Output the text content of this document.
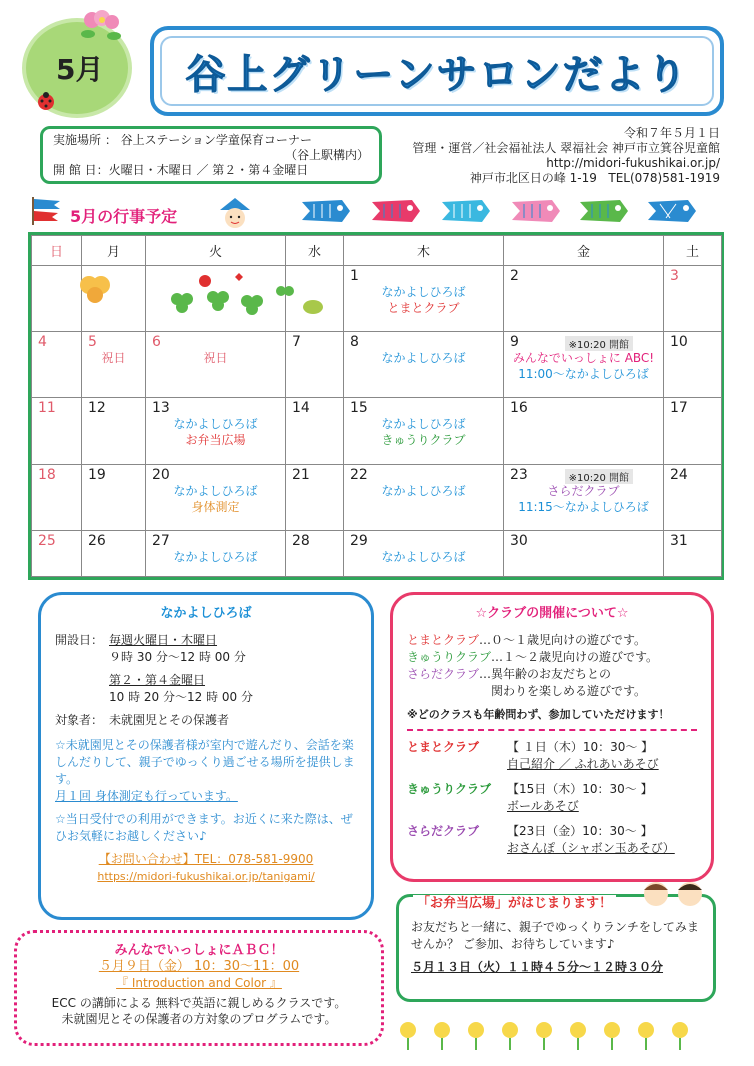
5月 谷上グリーンサロンだより
実施場所 ： 谷上ステーション学童保育コーナー
（谷上駅構内）
開 館 日：火曜日・木曜日 ／ 第２・第４金曜日
令和７年５月１日
管理・運営／社会福祉法人 翠福社会 神戸市立箕谷児童館
http://midori-fukushikai.or.jp/
神戸市北区日の峰 1-19 TEL(078)581-1919
5月の行事予定
日	月	火	水	木	金	土

				1
なかよしひろば
とまとクラブ	2	3

4	5
祝日	6
祝日	7	8
なかよしひろば	9 ※10:20 開館
みんなでいっしょに ABC!
11:00～なかよしひろば	10

11	12	13
なかよしひろば
お弁当広場	14	15
なかよしひろば
きゅうりクラブ	16	17

18	19	20
なかよしひろば
身体測定	21	22
なかよしひろば	23 ※10:20 開館
さらだクラブ
11:15～なかよしひろば	24

25	26	27
なかよしひろば	28	29
なかよしひろば	30	31
なかよしひろば
開設日： 毎週火曜日・木曜日
９時 30 分～12 時 00 分
第２・第４金曜日
10 時 20 分～12 時 00 分
対象者： 未就園児とその保護者
☆未就園児とその保護者様が室内で遊んだり、会話を楽しんだりして、親子でゆっくり過ごせる場所を提供します。
月１回 身体測定も行っています。
☆当日受付での利用ができます。お近くに来た際は、ぜひお気軽にお越しください♪
【お問い合わせ】TEL：078-581-9900
https://midori-fukushikai.or.jp/tanigami/
☆クラブの開催について☆
とまとクラブ…０～１歳児向けの遊びです。
きゅうりクラブ…１～２歳児向けの遊びです。
さらだクラブ…異年齢のお友だちとの
関わりを楽しめる遊びです。
※どのクラスも年齢問わず、参加していただけます！
とまとクラブ	【 １日（木）10：30～ 】
自己紹介 ／ ふれあいあそび
きゅうりクラブ	【15日（木）10：30～ 】
ボールあそび
さらだクラブ	【23日（金）10：30～ 】
おさんぽ（シャボン玉あそび）
「お弁当広場」がはじまります！
お友だちと一緒に、親子でゆっくりランチをしてみませんか？ ご参加、お待ちしています♪
５月１３日（火）１１時４５分～１２時３０分
みんなでいっしょにＡＢＣ！
５月９日（金） 10：30～11：00
『 Introduction and Color 』
ECC の講師による 無料で英語に親しめるクラスです。
未就園児とその保護者の方対象のプログラムです。
